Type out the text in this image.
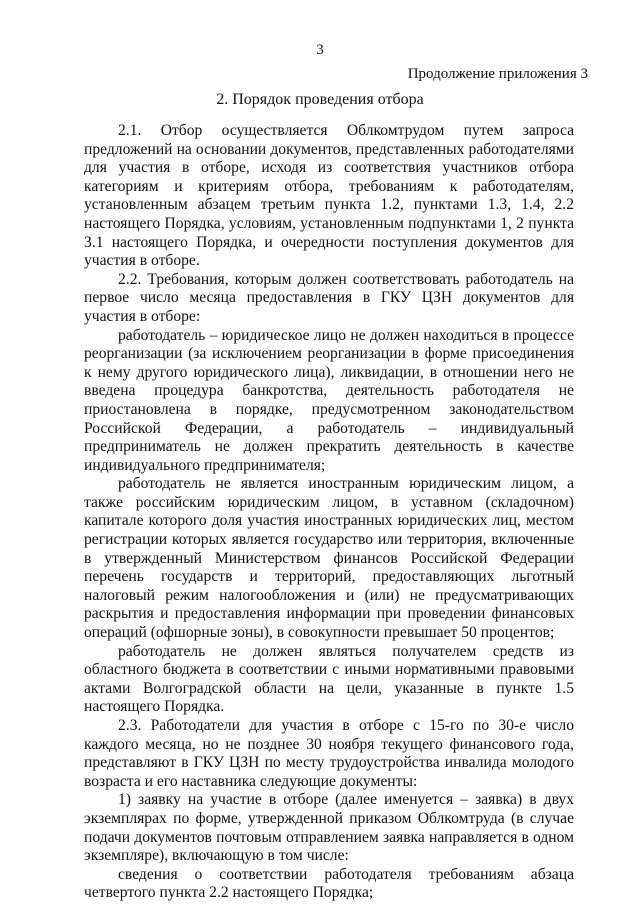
3
Продолжение приложения 3
2. Порядок проведения отбора

2.1. Отбор осуществляется Облкомтрудом путем запроса предложений на основании документов, представленных работодателями для участия в отборе, исходя из соответствия участников отбора категориям и критериям отбора, требованиям к работодателям, установленным абзацем третьим пункта 1.2, пунктами 1.3, 1.4, 2.2 настоящего Порядка, условиям, установленным подпунктами 1, 2 пункта 3.1 настоящего Порядка, и очередности поступления документов для участия в отборе.

2.2. Требования, которым должен соответствовать работодатель на первое число месяца предоставления в ГКУ ЦЗН документов для участия в отборе:

работодатель – юридическое лицо не должен находиться в процессе реорганизации (за исключением реорганизации в форме присоединения к нему другого юридического лица), ликвидации, в отношении него не введена процедура банкротства, деятельность работодателя не приостановлена в порядке, предусмотренном законодательством Российской Федерации, а работодатель – индивидуальный предприниматель не должен прекратить деятельность в качестве индивидуального предпринимателя;

работодатель не является иностранным юридическим лицом, а также российским юридическим лицом, в уставном (складочном) капитале которого доля участия иностранных юридических лиц, местом регистрации которых является государство или территория, включенные в утвержденный Министерством финансов Российской Федерации перечень государств и территорий, предоставляющих льготный налоговый режим налогообложения и (или) не предусматривающих раскрытия и предоставления информации при проведении финансовых операций (офшорные зоны), в совокупности превышает 50 процентов;

работодатель не должен являться получателем средств из областного бюджета в соответствии с иными нормативными правовыми актами Волгоградской области на цели, указанные в пункте 1.5 настоящего Порядка.

2.3. Работодатели для участия в отборе с 15-го по 30-е число каждого месяца, но не позднее 30 ноября текущего финансового года, представляют в ГКУ ЦЗН по месту трудоустройства инвалида молодого возраста и его наставника следующие документы:

1) заявку на участие в отборе (далее именуется – заявка) в двух экземплярах по форме, утвержденной приказом Облкомтруда (в случае подачи документов почтовым отправлением заявка направляется в одном экземпляре), включающую в том числе:

сведения о соответствии работодателя требованиям абзаца четвертого пункта 2.2 настоящего Порядка;
